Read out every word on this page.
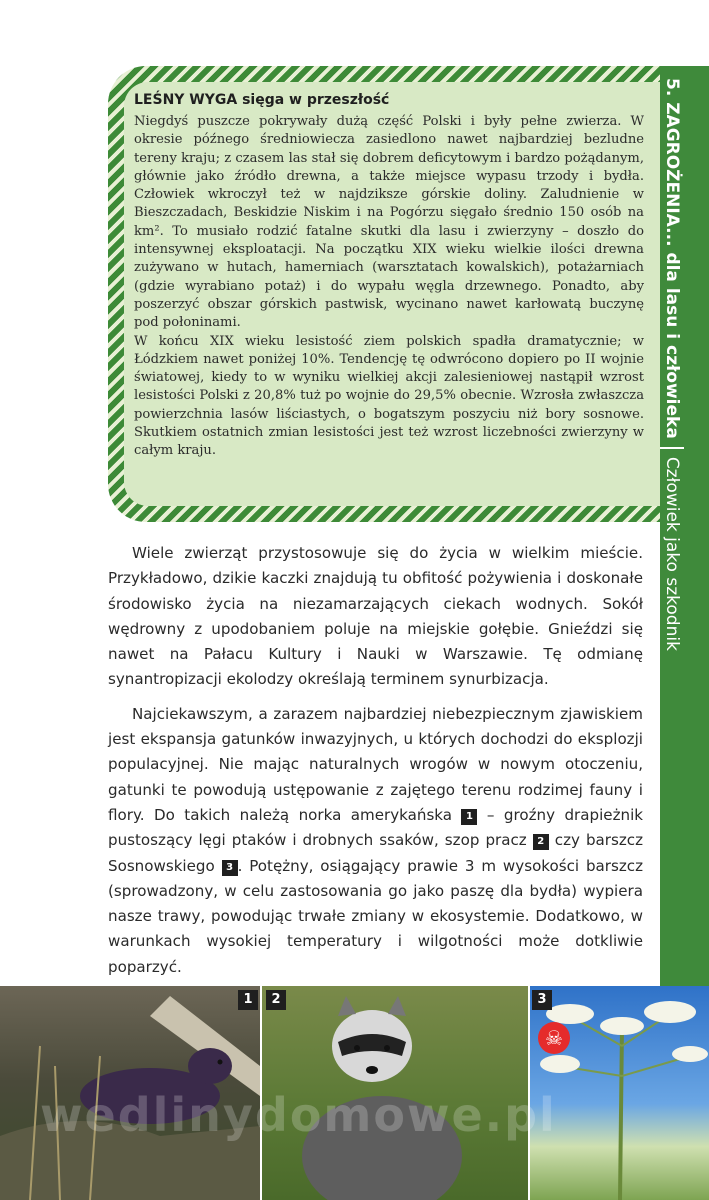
5. ZAGROŻENIA... dla lasu i człowieka
Człowiek jako szkodnik
LEŚNY WYGA sięga w przeszłość

Niegdyś puszcze pokrywały dużą część Polski i były pełne zwierza. W okresie późnego średniowiecza zasiedlono nawet najbardziej bezludne tereny kraju; z czasem las stał się dobrem deficytowym i bardzo pożądanym, głównie jako źródło drewna, a także miejsce wypasu trzody i bydła. Człowiek wkroczył też w najdziksze górskie doliny. Zaludnienie w Bieszczadach, Beskidzie Niskim i na Pogórzu sięgało średnio 150 osób na km². To musiało rodzić fatalne skutki dla lasu i zwierzyny – doszło do intensywnej eksploatacji. Na początku XIX wieku wielkie ilości drewna zużywano w hutach, hamerniach (warsztatach kowalskich), potażarniach (gdzie wyrabiano potaż) i do wypału węgla drzewnego. Ponadto, aby poszerzyć obszar górskich pastwisk, wycinano nawet karłowatą buczynę pod połoninami.

W końcu XIX wieku lesistość ziem polskich spadła dramatycznie; w Łódzkiem nawet poniżej 10%. Tendencję tę odwrócono dopiero po II wojnie światowej, kiedy to w wyniku wielkiej akcji zalesieniowej nastąpił wzrost lesistości Polski z 20,8% tuż po wojnie do 29,5% obecnie. Wzrosła zwłaszcza powierzchnia lasów liściastych, o bogatszym poszyciu niż bory sosnowe. Skutkiem ostatnich zmian lesistości jest też wzrost liczebności zwierzyny w całym kraju.

Wiele zwierząt przystosowuje się do życia w wielkim mieście. Przykładowo, dzikie kaczki znajdują tu obfitość pożywienia i doskonałe środowisko życia na niezamarzających ciekach wodnych. Sokół wędrowny z upodobaniem poluje na miejskie gołębie. Gnieździ się nawet na Pałacu Kultury i Nauki w Warszawie. Tę odmianę synantropizacji ekolodzy określają terminem synurbizacja.

Najciekawszym, a zarazem najbardziej niebezpiecznym zjawiskiem jest ekspansja gatunków inwazyjnych, u których dochodzi do eksplozji populacyjnej. Nie mając naturalnych wrogów w nowym otoczeniu, gatunki te powodują ustępowanie z zajętego terenu rodzimej fauny i flory. Do takich należą norka amerykańska 1 – groźny drapieżnik pustoszący lęgi ptaków i drobnych ssaków, szop pracz 2 czy barszcz Sosnowskiego 3 . Potężny, osiągający prawie 3 m wysokości barszcz (sprowadzony, w celu zastosowania go jako paszę dla bydła) wypiera nasze trawy, powodując trwałe zmiany w ekosystemie. Dodatkowo, w warunkach wysokiej temperatury i wilgotności może dotkliwie poparzyć.

1	2	3
☠
wedlinydomowe.pl
